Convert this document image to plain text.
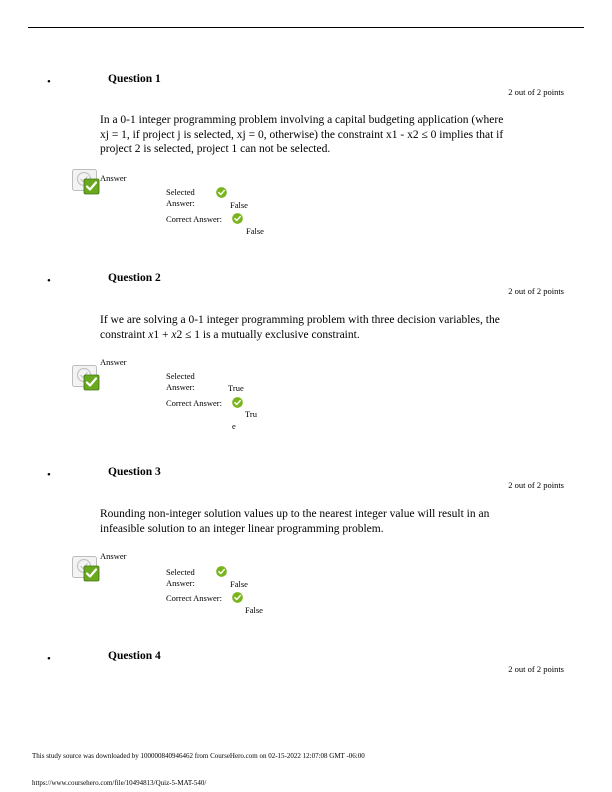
•	Question 1
2 out of 2 points
In a 0-1 integer programming problem involving a capital budgeting application (where
xj = 1, if project j is selected, xj = 0, otherwise) the constraint x1 - x2 ≤ 0 implies that if
project 2 is selected, project 1 can not be selected.
Answer
Selected
Answer:	False
Correct Answer:
False
•	Question 2
2 out of 2 points
If we are solving a 0-1 integer programming problem with three decision variables, the
constraint x1 + x2 ≤ 1 is a mutually exclusive constraint.
Answer
Selected
Answer:	True
Correct Answer:
Tru
e
•	Question 3
2 out of 2 points
Rounding non-integer solution values up to the nearest integer value will result in an
infeasible solution to an integer linear programming problem.
Answer
Selected
Answer:	False
Correct Answer:
False
•	Question 4
2 out of 2 points
This study source was downloaded by 100000840946462 from CourseHero.com on 02-15-2022 12:07:08 GMT -06:00
https://www.coursehero.com/file/10494813/Quiz-5-MAT-540/
